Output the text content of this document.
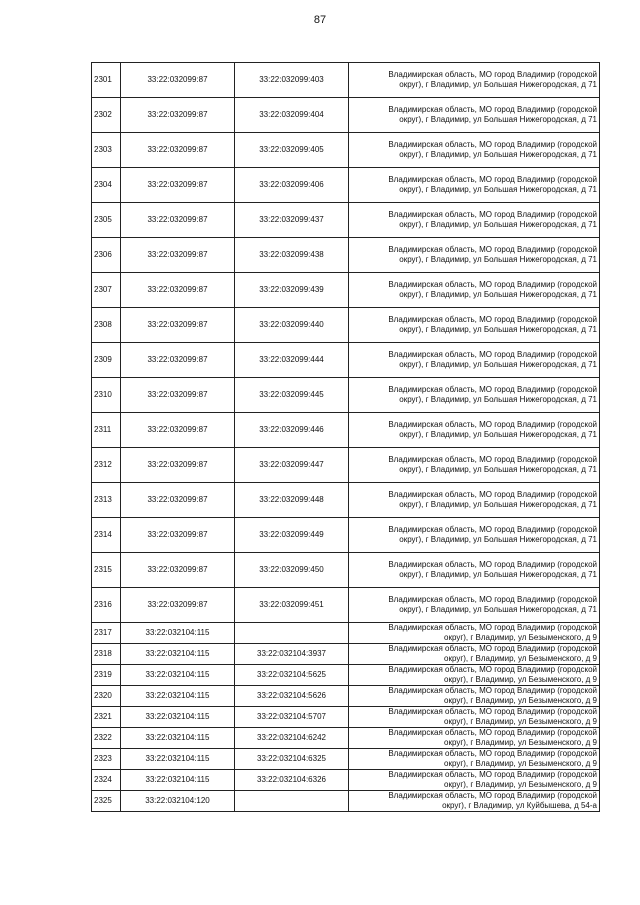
87
2301	33:22:032099:87	33:22:032099:403	Владимирская область, МО город Владимир (городской
округ), г Владимир, ул Большая Нижегородская, д 71

2302	33:22:032099:87	33:22:032099:404	Владимирская область, МО город Владимир (городской
округ), г Владимир, ул Большая Нижегородская, д 71

2303	33:22:032099:87	33:22:032099:405	Владимирская область, МО город Владимир (городской
округ), г Владимир, ул Большая Нижегородская, д 71

2304	33:22:032099:87	33:22:032099:406	Владимирская область, МО город Владимир (городской
округ), г Владимир, ул Большая Нижегородская, д 71

2305	33:22:032099:87	33:22:032099:437	Владимирская область, МО город Владимир (городской
округ), г Владимир, ул Большая Нижегородская, д 71

2306	33:22:032099:87	33:22:032099:438	Владимирская область, МО город Владимир (городской
округ), г Владимир, ул Большая Нижегородская, д 71

2307	33:22:032099:87	33:22:032099:439	Владимирская область, МО город Владимир (городской
округ), г Владимир, ул Большая Нижегородская, д 71

2308	33:22:032099:87	33:22:032099:440	Владимирская область, МО город Владимир (городской
округ), г Владимир, ул Большая Нижегородская, д 71

2309	33:22:032099:87	33:22:032099:444	Владимирская область, МО город Владимир (городской
округ), г Владимир, ул Большая Нижегородская, д 71

2310	33:22:032099:87	33:22:032099:445	Владимирская область, МО город Владимир (городской
округ), г Владимир, ул Большая Нижегородская, д 71

2311	33:22:032099:87	33:22:032099:446	Владимирская область, МО город Владимир (городской
округ), г Владимир, ул Большая Нижегородская, д 71

2312	33:22:032099:87	33:22:032099:447	Владимирская область, МО город Владимир (городской
округ), г Владимир, ул Большая Нижегородская, д 71

2313	33:22:032099:87	33:22:032099:448	Владимирская область, МО город Владимир (городской
округ), г Владимир, ул Большая Нижегородская, д 71

2314	33:22:032099:87	33:22:032099:449	Владимирская область, МО город Владимир (городской
округ), г Владимир, ул Большая Нижегородская, д 71

2315	33:22:032099:87	33:22:032099:450	Владимирская область, МО город Владимир (городской
округ), г Владимир, ул Большая Нижегородская, д 71

2316	33:22:032099:87	33:22:032099:451	Владимирская область, МО город Владимир (городской
округ), г Владимир, ул Большая Нижегородская, д 71

2317	33:22:032104:115		Владимирская область, МО город Владимир (городской
округ), г Владимир, ул Безыменского, д 9

2318	33:22:032104:115	33:22:032104:3937	Владимирская область, МО город Владимир (городской
округ), г Владимир, ул Безыменского, д 9

2319	33:22:032104:115	33:22:032104:5625	Владимирская область, МО город Владимир (городской
округ), г Владимир, ул Безыменского, д 9

2320	33:22:032104:115	33:22:032104:5626	Владимирская область, МО город Владимир (городской
округ), г Владимир, ул Безыменского, д 9

2321	33:22:032104:115	33:22:032104:5707	Владимирская область, МО город Владимир (городской
округ), г Владимир, ул Безыменского, д 9

2322	33:22:032104:115	33:22:032104:6242	Владимирская область, МО город Владимир (городской
округ), г Владимир, ул Безыменского, д 9

2323	33:22:032104:115	33:22:032104:6325	Владимирская область, МО город Владимир (городской
округ), г Владимир, ул Безыменского, д 9

2324	33:22:032104:115	33:22:032104:6326	Владимирская область, МО город Владимир (городской
округ), г Владимир, ул Безыменского, д 9

2325	33:22:032104:120		Владимирская область, МО город Владимир (городской
округ), г Владимир, ул Куйбышева, д 54-а
